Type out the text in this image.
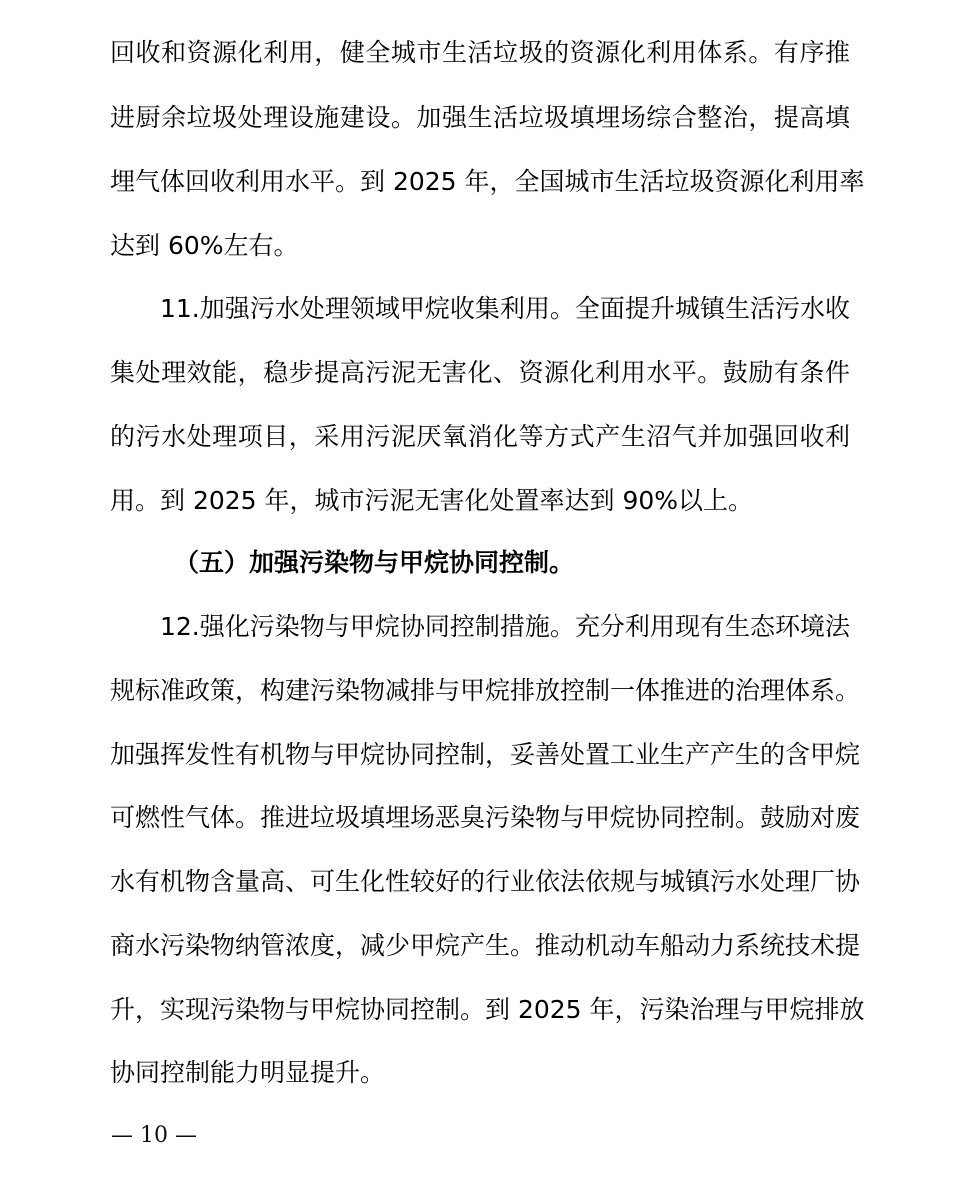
回收和资源化利用，健全城市生活垃圾的资源化利用体系。有序推
进厨余垃圾处理设施建设。加强生活垃圾填埋场综合整治，提高填
埋气体回收利用水平。到 2025 年，全国城市生活垃圾资源化利用率
达到 60%左右。
11.加强污水处理领域甲烷收集利用。全面提升城镇生活污水收
集处理效能，稳步提高污泥无害化、资源化利用水平。鼓励有条件
的污水处理项目，采用污泥厌氧消化等方式产生沼气并加强回收利
用。到 2025 年，城市污泥无害化处置率达到 90%以上。
（五）加强污染物与甲烷协同控制。
12.强化污染物与甲烷协同控制措施。充分利用现有生态环境法
规标准政策，构建污染物减排与甲烷排放控制一体推进的治理体系。
加强挥发性有机物与甲烷协同控制，妥善处置工业生产产生的含甲烷
可燃性气体。推进垃圾填埋场恶臭污染物与甲烷协同控制。鼓励对废
水有机物含量高、可生化性较好的行业依法依规与城镇污水处理厂协
商水污染物纳管浓度，减少甲烷产生。推动机动车船动力系统技术提
升，实现污染物与甲烷协同控制。到 2025 年，污染治理与甲烷排放
协同控制能力明显提升。
— 10 —
